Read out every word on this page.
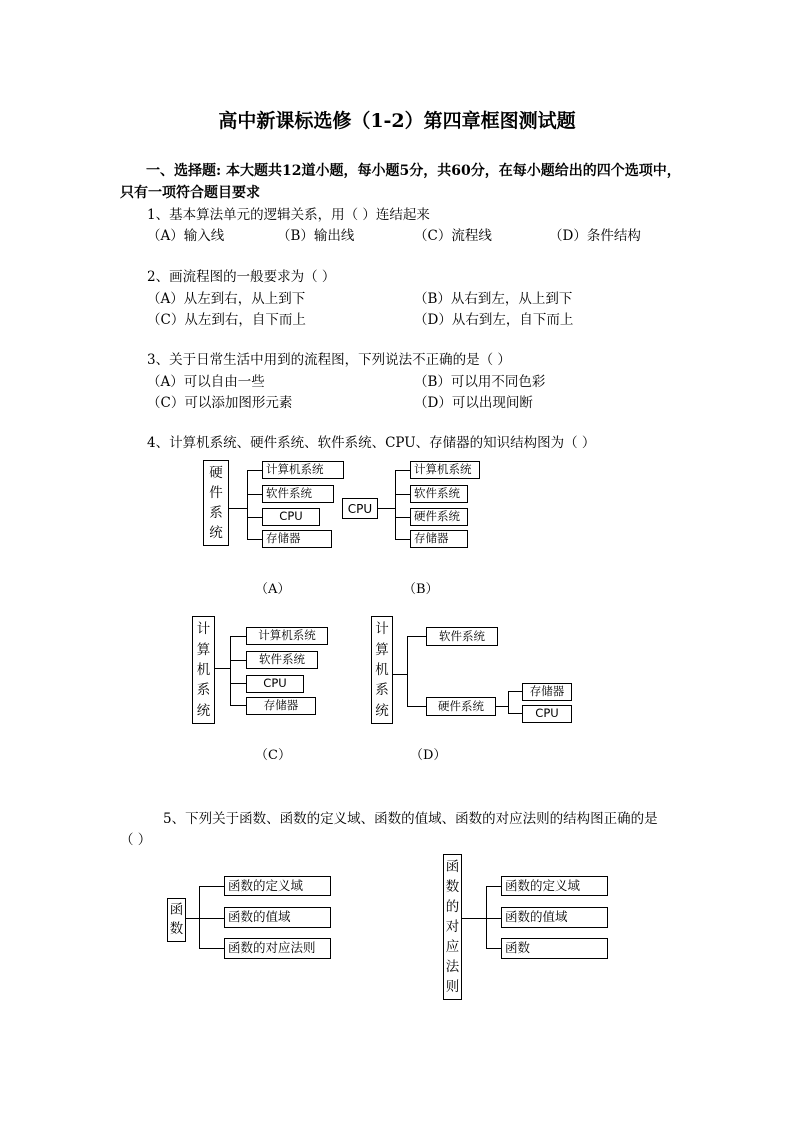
高中新课标选修（1-2）第四章框图测试题
一、选择题: 本大题共12道小题，每小题5分，共60分，在每小题给出的四个选项中，
只有一项符合题目要求
1、基本算法单元的逻辑关系，用（ ）连结起来
（A）输入线	（B）输出线	（C）流程线	（D）条件结构
2、画流程图的一般要求为（ ）
（A）从左到右，从上到下	（B）从右到左，从上到下
（C）从左到右，自下而上	（D）从右到左，自下而上
3、关于日常生活中用到的流程图，下列说法不正确的是（ ）
（A）可以自由一些	（B）可以用不同色彩
（C）可以添加图形元素	（D）可以出现间断
4、计算机系统、硬件系统、软件系统、CPU、存储器的知识结构图为（ ）
硬
件
系
统
计算机系统
软件系统
CPU
存储器
（A）
CPU
计算机系统
软件系统
硬件系统
存储器
（B）
计
算
机
系
统
计算机系统
软件系统
CPU
存储器
（C）
计
算
机
系
统
软件系统
硬件系统
存储器
CPU
（D）
5、下列关于函数、函数的定义域、函数的值域、函数的对应法则的结构图正确的是
（ ）
函
数
函数的定义域
函数的值域
函数的对应法则
函
数
的
对
应
法
则
函数的定义域
函数的值域
函数
